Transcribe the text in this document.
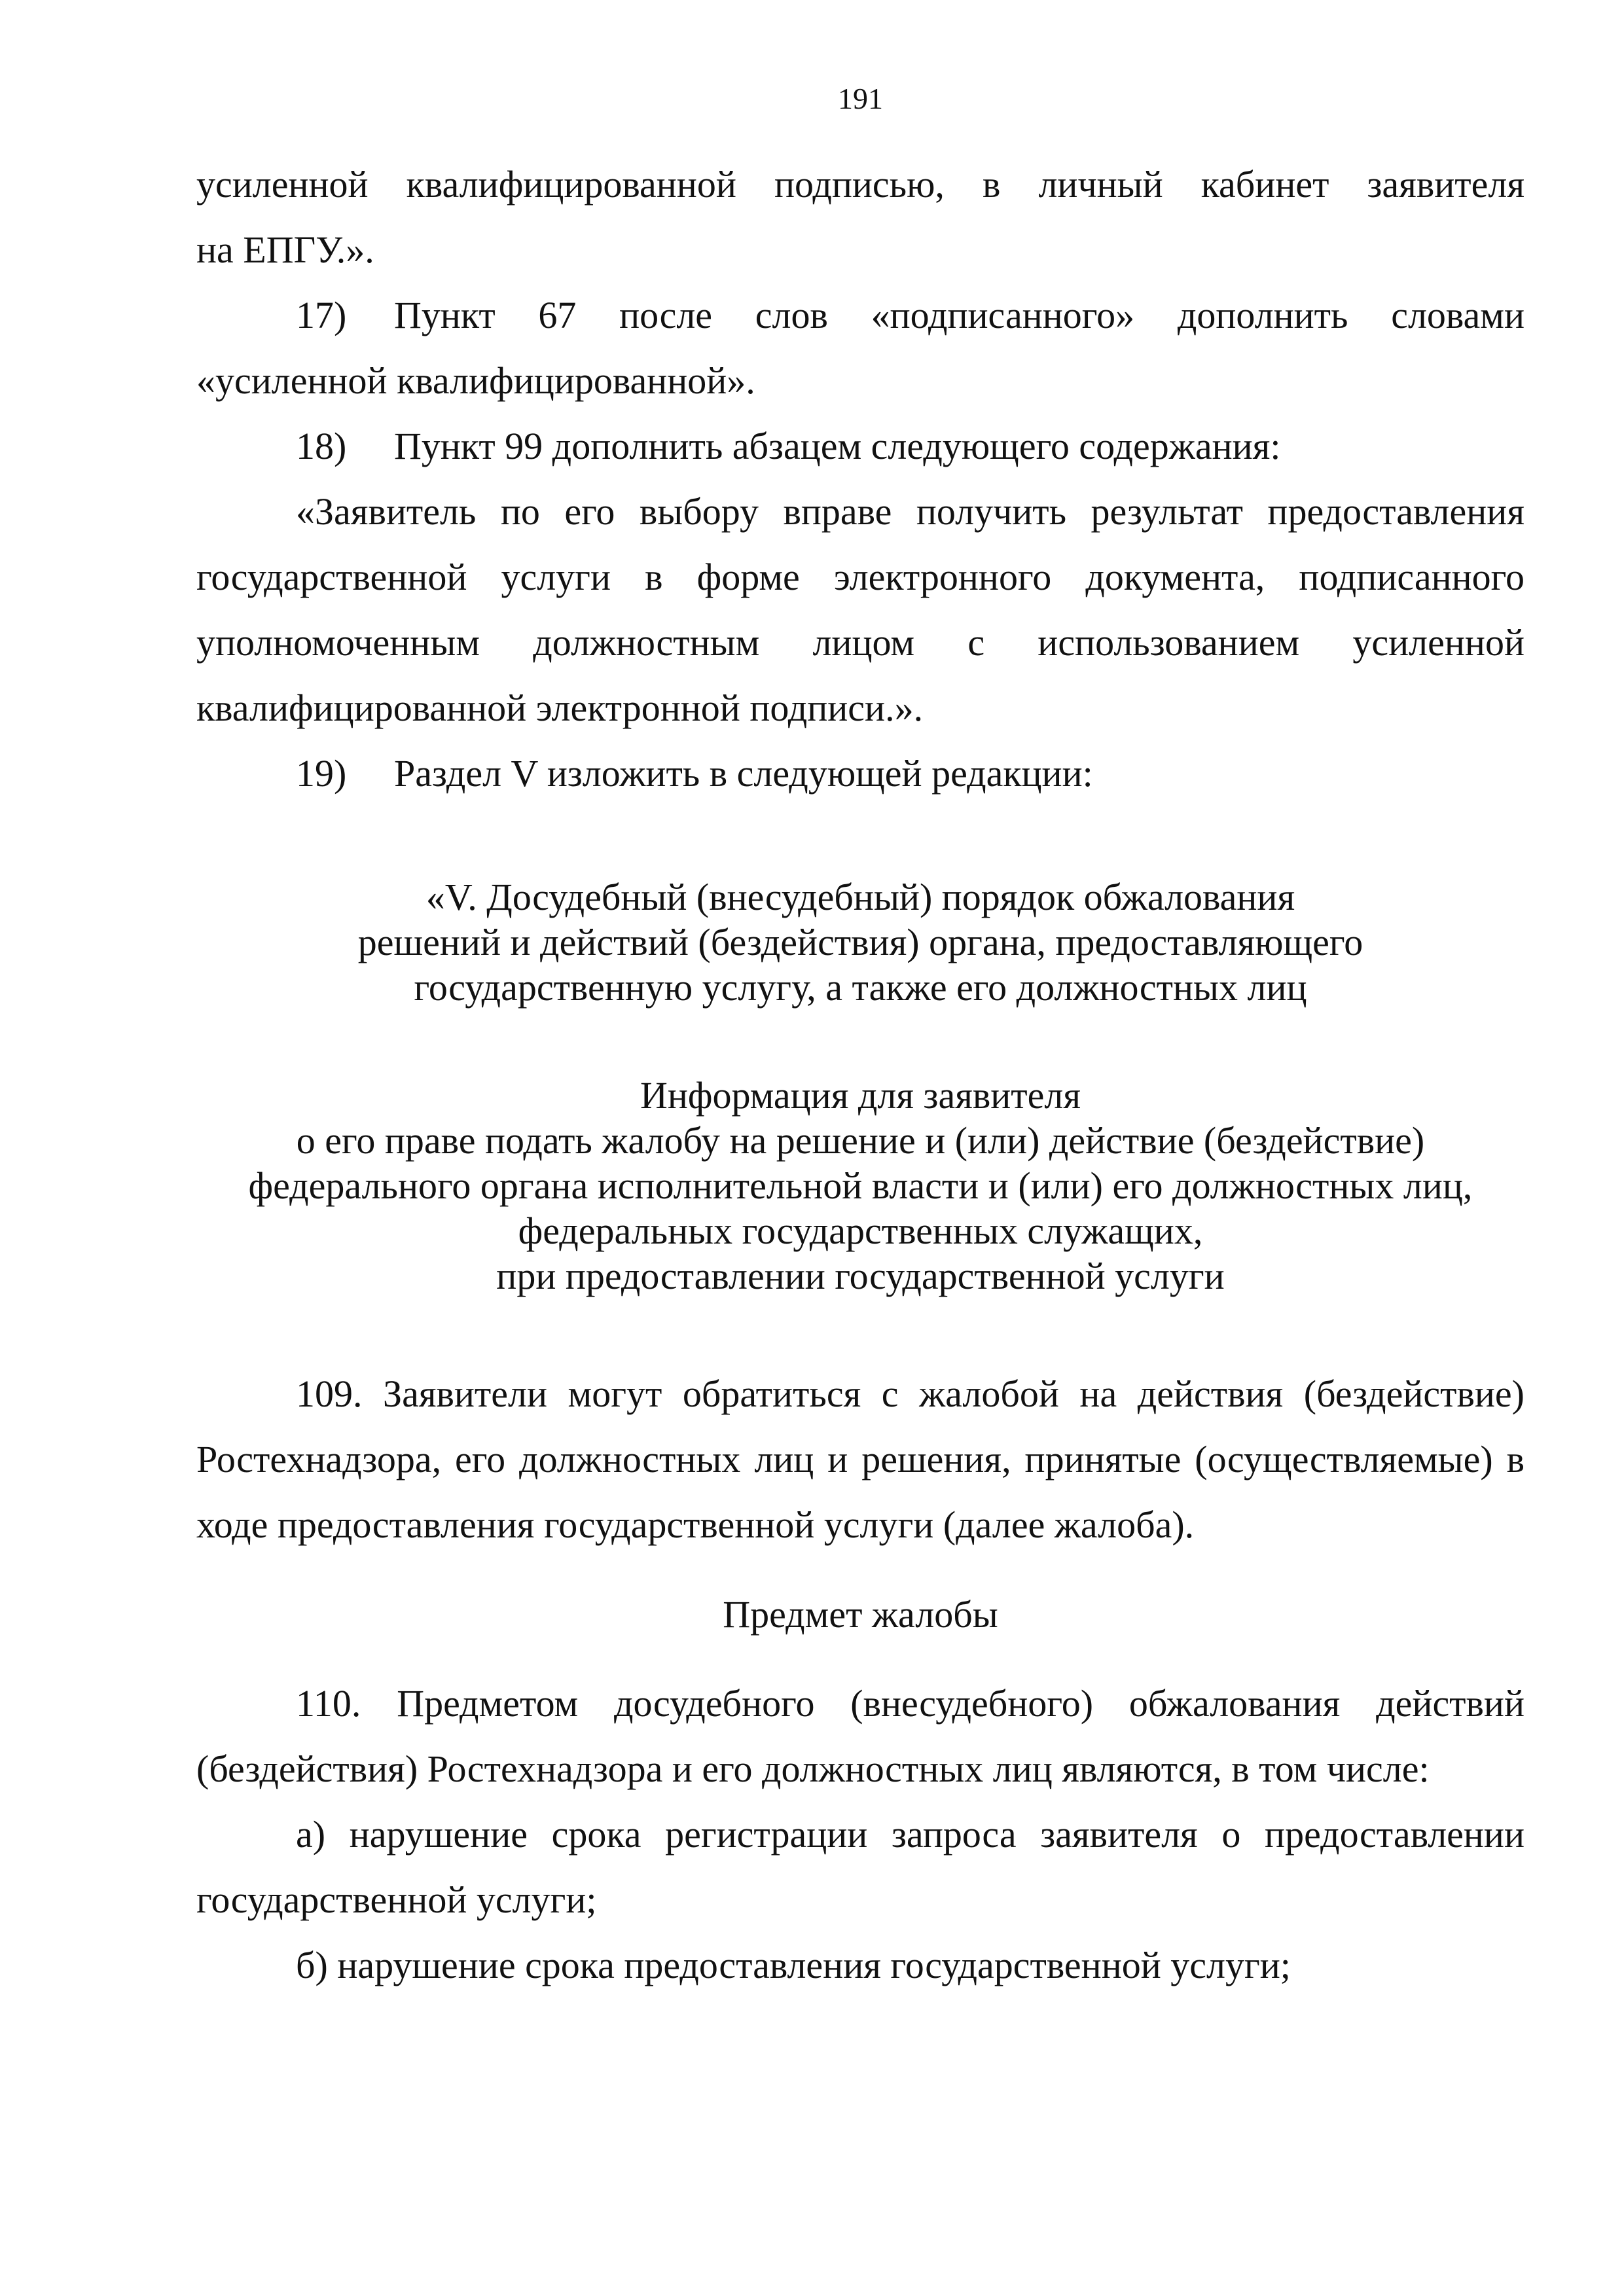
191

усиленной квалифицированной подписью, в личный кабинет заявителя

на ЕПГУ.».

17) Пункт 67 после слов «подписанного» дополнить словами

«усиленной квалифицированной».

18) Пункт 99 дополнить абзацем следующего содержания:

«Заявитель по его выбору вправе получить результат предоставления государственной услуги в форме электронного документа, подписанного уполномоченным должностным лицом с использованием усиленной квалифицированной электронной подписи.».

19) Раздел V изложить в следующей редакции:

«V. Досудебный (внесудебный) порядок обжалования
решений и действий (бездействия) органа, предоставляющего
государственную услугу, а также его должностных лиц
Информация для заявителя
о его праве подать жалобу на решение и (или) действие (бездействие)
федерального органа исполнительной власти и (или) его должностных лиц,
федеральных государственных служащих,
при предоставлении государственной услуги

109. Заявители могут обратиться с жалобой на действия (бездействие) Ростехнадзора, его должностных лиц и решения, принятые (осуществляемые) в ходе предоставления государственной услуги (далее жалоба).

Предмет жалобы

110. Предметом досудебного (внесудебного) обжалования действий (бездействия) Ростехнадзора и его должностных лиц являются, в том числе:

а) нарушение срока регистрации запроса заявителя о предоставлении государственной услуги;

б) нарушение срока предоставления государственной услуги;
